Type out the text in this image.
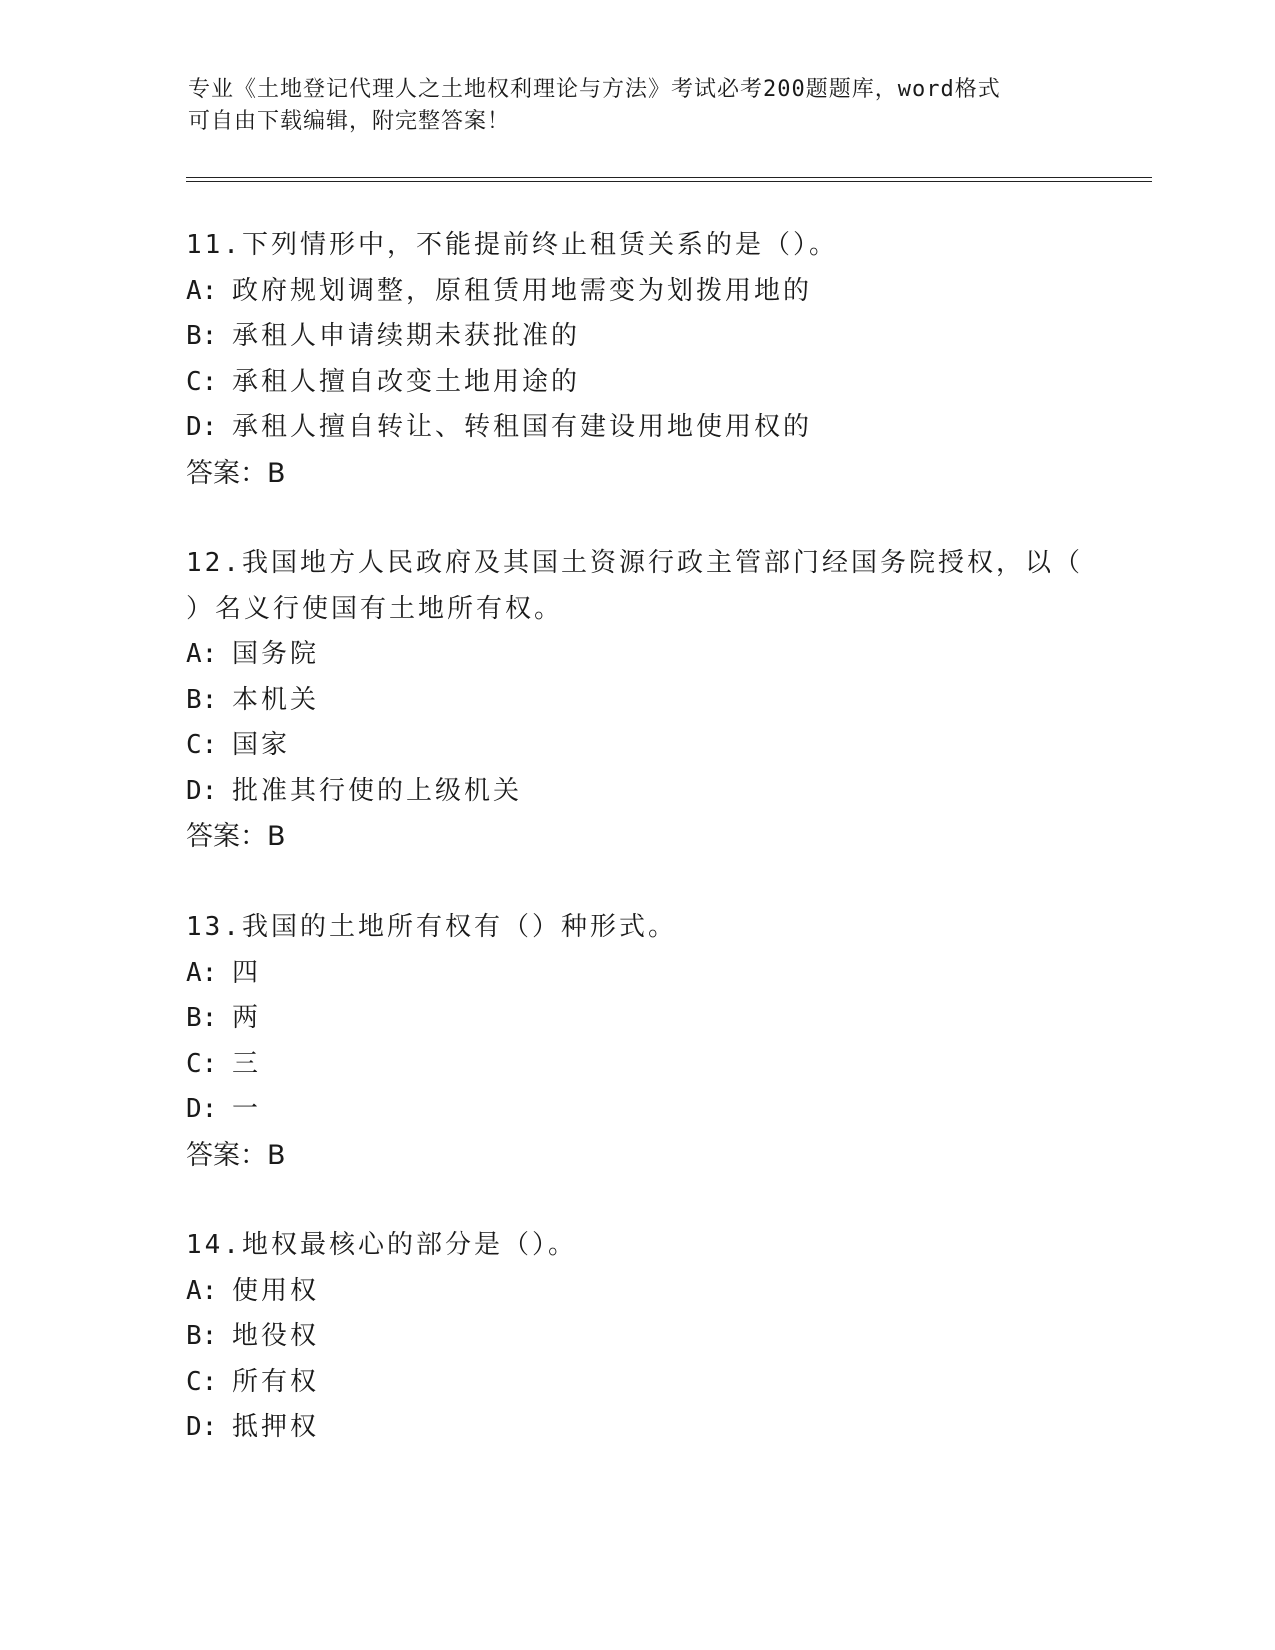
专业《土地登记代理人之土地权利理论与方法》考试必考200题题库，word格式
可自由下载编辑，附完整答案！
11.下列情形中，不能提前终止租赁关系的是（）。
A: 政府规划调整，原租赁用地需变为划拨用地的
B: 承租人申请续期未获批准的
C: 承租人擅自改变土地用途的
D: 承租人擅自转让、转租国有建设用地使用权的
答案：B
12.我国地方人民政府及其国土资源行政主管部门经国务院授权，以（
）名义行使国有土地所有权。
A: 国务院
B: 本机关
C: 国家
D: 批准其行使的上级机关
答案：B
13.我国的土地所有权有（）种形式。
A: 四
B: 两
C: 三
D: 一
答案：B
14.地权最核心的部分是（）。
A: 使用权
B: 地役权
C: 所有权
D: 抵押权
